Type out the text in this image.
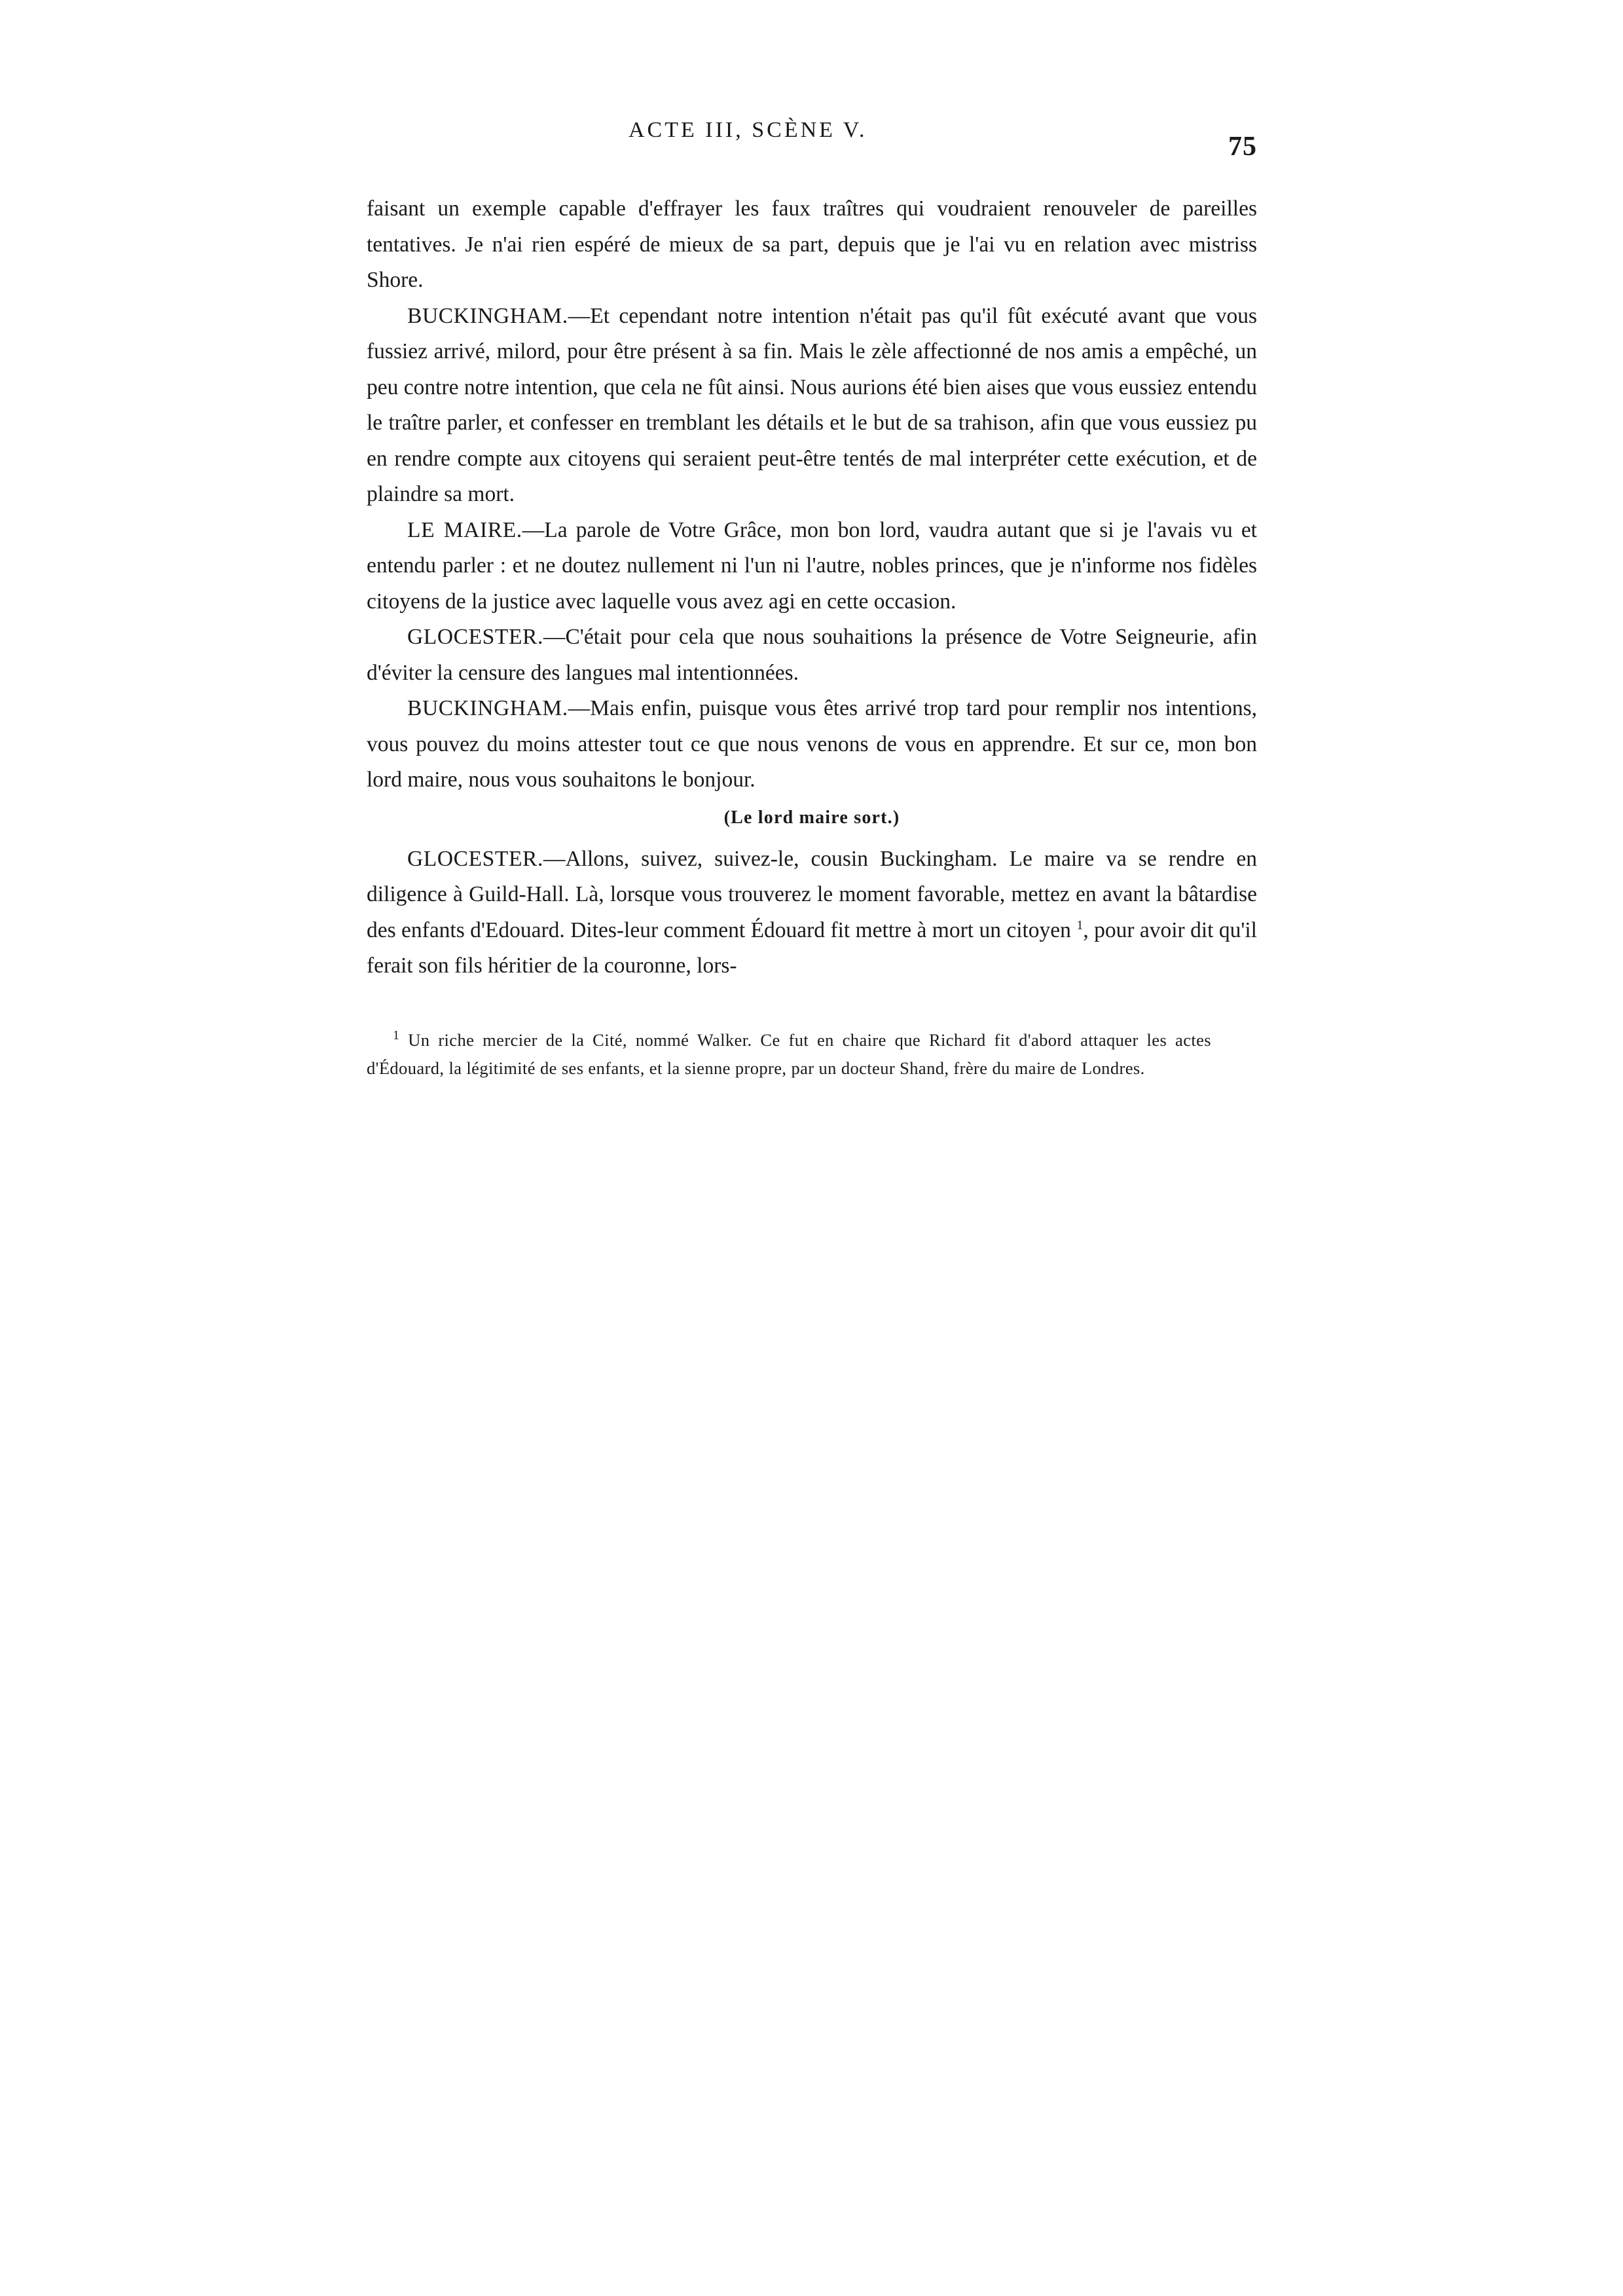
ACTE III, SCÈNE V.
75

faisant un exemple capable d'effrayer les faux traîtres qui voudraient renouveler de pareilles tentatives. Je n'ai rien espéré de mieux de sa part, depuis que je l'ai vu en relation avec mistriss Shore.

BUCKINGHAM.—Et cependant notre intention n'était pas qu'il fût exécuté avant que vous fussiez arrivé, milord, pour être présent à sa fin. Mais le zèle affectionné de nos amis a empêché, un peu contre notre intention, que cela ne fût ainsi. Nous aurions été bien aises que vous eussiez entendu le traître parler, et confesser en tremblant les détails et le but de sa trahison, afin que vous eussiez pu en rendre compte aux citoyens qui seraient peut-être tentés de mal interpréter cette exécution, et de plaindre sa mort.

LE MAIRE.—La parole de Votre Grâce, mon bon lord, vaudra autant que si je l'avais vu et entendu parler : et ne doutez nullement ni l'un ni l'autre, nobles princes, que je n'informe nos fidèles citoyens de la justice avec laquelle vous avez agi en cette occasion.

GLOCESTER.—C'était pour cela que nous souhaitions la présence de Votre Seigneurie, afin d'éviter la censure des langues mal intentionnées.

BUCKINGHAM.—Mais enfin, puisque vous êtes arrivé trop tard pour remplir nos intentions, vous pouvez du moins attester tout ce que nous venons de vous en apprendre. Et sur ce, mon bon lord maire, nous vous souhaitons le bonjour.

(Le lord maire sort.)

GLOCESTER.—Allons, suivez, suivez-le, cousin Buckingham. Le maire va se rendre en diligence à Guild-Hall. Là, lorsque vous trouverez le moment favorable, mettez en avant la bâtardise des enfants d'Edouard. Dites-leur comment Édouard fit mettre à mort un citoyen $^1$, pour avoir dit qu'il ferait son fils héritier de la couronne, lors-

$^1$ Un riche mercier de la Cité, nommé Walker. Ce fut en chaire que Richard fit d'abord attaquer les actes d'Édouard, la légitimité de ses enfants, et la sienne propre, par un docteur Shand, frère du maire de Londres.
